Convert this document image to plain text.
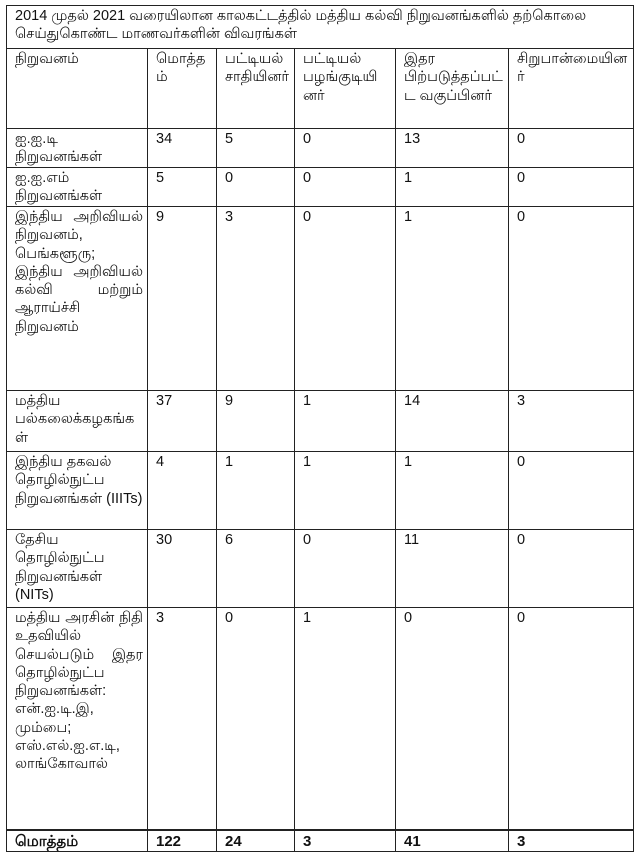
2014 முதல் 2021 வரையிலான காலகட்டத்தில் மத்திய கல்வி நிறுவனங்களில் தற்கொலை செய்துகொண்ட மாணவர்களின் விவரங்கள்					
நிறுவனம்	மொத்தம்	பட்டியல் சாதியினர்	பட்டியல் பழங்குடியினர்	இதர பிற்படுத்தப்பட்ட வகுப்பினர்	சிறுபான்மையினர்
ஐ.ஐ.டி நிறுவனங்கள்	34	5	0	13	0
ஐ.ஐ.எம் நிறுவனங்கள்	5	0	0	1	0
இந்திய அறிவியல் நிறுவனம், பெங்களூரு; இந்திய அறிவியல் கல்வி மற்றும் ஆராய்ச்சி நிறுவனம்	9	3	0	1	0
மத்திய பல்கலைக்கழகங்கள்	37	9	1	14	3
இந்திய தகவல் தொழில்நுட்ப நிறுவனங்கள் (IIITs)	4	1	1	1	0
தேசிய தொழில்நுட்ப நிறுவனங்கள் (NITs)	30	6	0	11	0
மத்திய அரசின் நிதி உதவியில் செயல்படும் இதர தொழில்நுட்ப நிறுவனங்கள்: என்.ஐ.டி.இ, மும்பை; எஸ்.எல்.ஐ.எ.டி, லாங்கோவால்	3	0	1	0	0
மொத்தம்	122	24	3	41	3
